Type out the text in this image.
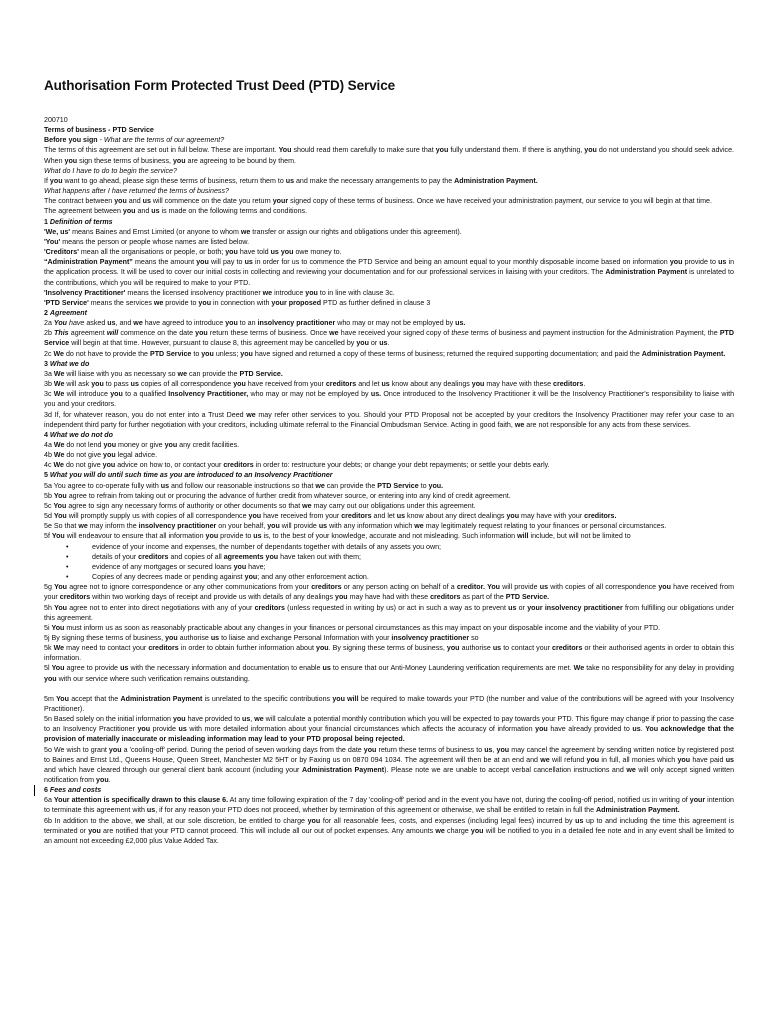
Authorisation Form Protected Trust Deed (PTD) Service
200710
Terms of business - PTD Service
Before you sign - What are the terms of our agreement?
The terms of this agreement are set out in full below. These are important. You should read them carefully to make sure that you fully understand them. If there is anything, you do not understand you should seek advice. When you sign these terms of business, you are agreeing to be bound by them.
What do I have to do to begin the service?
If you want to go ahead, please sign these terms of business, return them to us and make the necessary arrangements to pay the Administration Payment.
What happens after I have returned the terms of business?
The contract between you and us will commence on the date you return your signed copy of these terms of business. Once we have received your administration payment, our service to you will begin at that time.
The agreement between you and us is made on the following terms and conditions.
1 Definition of terms
'We, us' means Baines and Ernst Limited (or anyone to whom we transfer or assign our rights and obligations under this agreement).
'You' means the person or people whose names are listed below.
'Creditors' mean all the organisations or people, or both; you have told us you owe money to.
“Administration Payment” means the amount you will pay to us in order for us to commence the PTD Service and being an amount equal to your monthly disposable income based on information you provide to us in the application process. It will be used to cover our initial costs in collecting and reviewing your documentation and for our professional services in liaising with your creditors. The Administration Payment is unrelated to the contributions, which you will be required to make to your PTD.
'Insolvency Practitioner' means the licensed insolvency practitioner we introduce you to in line with clause 3c.
'PTD Service' means the services we provide to you in connection with your proposed PTD as further defined in clause 3
2 Agreement
2a You have asked us, and we have agreed to introduce you to an insolvency practitioner who may or may not be employed by us.
2b This agreement will commence on the date you return these terms of business. Once we have received your signed copy of these terms of business and payment instruction for the Administration Payment, the PTD Service will begin at that time. However, pursuant to clause 8, this agreement may be cancelled by you or us.
2c We do not have to provide the PTD Service to you unless; you have signed and returned a copy of these terms of business; returned the required supporting documentation; and paid the Administration Payment.
3 What we do
3a We will liaise with you as necessary so we can provide the PTD Service.
3b We will ask you to pass us copies of all correspondence you have received from your creditors and let us know about any dealings you may have with these creditors.
3c We will introduce you to a qualified Insolvency Practitioner, who may or may not be employed by us. Once introduced to the Insolvency Practitioner it will be the Insolvency Practitioner's responsibility to liaise with you and your creditors.
3d If, for whatever reason, you do not enter into a Trust Deed we may refer other services to you. Should your PTD Proposal not be accepted by your creditors the Insolvency Practitioner may refer your case to an independent third party for further negotiation with your creditors, including ultimate referral to the Financial Ombudsman Service. Acting in good faith, we are not responsible for any acts from these services.
4 What we do not do
4a We do not lend you money or give you any credit facilities.
4b We do not give you legal advice.
4c We do not give you advice on how to, or contact your creditors in order to: restructure your debts; or change your debt repayments; or settle your debts early.
5 What you will do until such time as you are introduced to an Insolvency Practitioner
5a You agree to co-operate fully with us and follow our reasonable instructions so that we can provide the PTD Service to you.
5b You agree to refrain from taking out or procuring the advance of further credit from whatever source, or entering into any kind of credit agreement.
5c You agree to sign any necessary forms of authority or other documents so that we may carry out our obligations under this agreement.
5d You will promptly supply us with copies of all correspondence you have received from your creditors and let us know about any direct dealings you may have with your creditors.
5e So that we may inform the insolvency practitioner on your behalf, you will provide us with any information which we may legitimately request relating to your finances or personal circumstances.
5f You will endeavour to ensure that all information you provide to us is, to the best of your knowledge, accurate and not misleading. Such information will include, but will not be limited to
• evidence of your income and expenses, the number of dependants together with details of any assets you own;
• details of your creditors and copies of all agreements you have taken out with them;
• evidence of any mortgages or secured loans you have;
• Copies of any decrees made or pending against you; and any other enforcement action.
5g You agree not to ignore correspondence or any other communications from your creditors or any person acting on behalf of a creditor. You will provide us with copies of all correspondence you have received from your creditors within two working days of receipt and provide us with details of any dealings you may have had with these creditors as part of the PTD Service.
5h You agree not to enter into direct negotiations with any of your creditors (unless requested in writing by us) or act in such a way as to prevent us or your insolvency practitioner from fulfilling our obligations under this agreement.
5i You must inform us as soon as reasonably practicable about any changes in your finances or personal circumstances as this may impact on your disposable income and the viability of your PTD.
5j By signing these terms of business, you authorise us to liaise and exchange Personal Information with your insolvency practitioner so
5k We may need to contact your creditors in order to obtain further information about you. By signing these terms of business, you authorise us to contact your creditors or their authorised agents in order to obtain this information.
5l You agree to provide us with the necessary information and documentation to enable us to ensure that our Anti-Money Laundering verification requirements are met. We take no responsibility for any delay in providing you with our service where such verification remains outstanding.
5m You accept that the Administration Payment is unrelated to the specific contributions you will be required to make towards your PTD (the number and value of the contributions will be agreed with your Insolvency Practitioner).
5n Based solely on the initial information you have provided to us, we will calculate a potential monthly contribution which you will be expected to pay towards your PTD. This figure may change if prior to passing the case to an Insolvency Practitioner you provide us with more detailed information about your financial circumstances which affects the accuracy of information you have already provided to us. You acknowledge that the provision of materially inaccurate or misleading information may lead to your PTD proposal being rejected.
5o We wish to grant you a 'cooling-off' period. During the period of seven working days from the date you return these terms of business to us, you may cancel the agreement by sending written notice by registered post to Baines and Ernst Ltd., Queens House, Queen Street, Manchester M2 5HT or by Faxing us on 0870 094 1034. The agreement will then be at an end and we will refund you in full, all monies which you have paid us and which have cleared through our general client bank account (including your Administration Payment). Please note we are unable to accept verbal cancellation instructions and we will only accept signed written notification from you.
6 Fees and costs
6a Your attention is specifically drawn to this clause 6. At any time following expiration of the 7 day 'cooling-off' period and in the event you have not, during the cooling-off period, notified us in writing of your intention to terminate this agreement with us, if for any reason your PTD does not proceed, whether by termination of this agreement or otherwise, we shall be entitled to retain in full the Administration Payment.
6b In addition to the above, we shall, at our sole discretion, be entitled to charge you for all reasonable fees, costs, and expenses (including legal fees) incurred by us up to and including the time this agreement is terminated or you are notified that your PTD cannot proceed. This will include all our out of pocket expenses. Any amounts we charge you will be notified to you in a detailed fee note and in any event shall be limited to an amount not exceeding £2,000 plus Value Added Tax.
